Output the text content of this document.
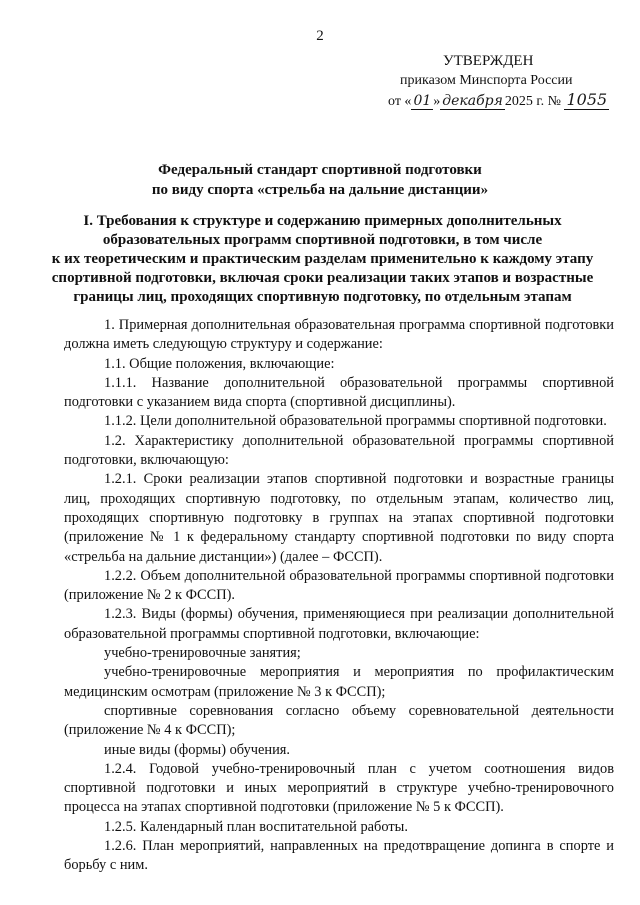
2
УТВЕРЖДЕН
приказом Минспорта России
от « 01 » декабря 2025 г. № 1055
Федеральный стандарт спортивной подготовки
по виду спорта «стрельба на дальние дистанции»
I. Требования к структуре и содержанию примерных дополнительных
образовательных программ спортивной подготовки, в том числе
к их теоретическим и практическим разделам применительно к каждому этапу
спортивной подготовки, включая сроки реализации таких этапов и возрастные
границы лиц, проходящих спортивную подготовку, по отдельным этапам

1. Примерная дополнительная образовательная программа спортивной подготовки должна иметь следующую структуру и содержание:

1.1. Общие положения, включающие:

1.1.1. Название дополнительной образовательной программы спортивной подготовки с указанием вида спорта (спортивной дисциплины).

1.1.2. Цели дополнительной образовательной программы спортивной подготовки.

1.2. Характеристику дополнительной образовательной программы спортивной подготовки, включающую:

1.2.1. Сроки реализации этапов спортивной подготовки и возрастные границы лиц, проходящих спортивную подготовку, по отдельным этапам, количество лиц, проходящих спортивную подготовку в группах на этапах спортивной подготовки (приложение № 1 к федеральному стандарту спортивной подготовки по виду спорта «стрельба на дальние дистанции») (далее – ФССП).

1.2.2. Объем дополнительной образовательной программы спортивной подготовки (приложение № 2 к ФССП).

1.2.3. Виды (формы) обучения, применяющиеся при реализации дополнительной образовательной программы спортивной подготовки, включающие:

учебно-тренировочные занятия;

учебно-тренировочные мероприятия и мероприятия по профилактическим медицинским осмотрам (приложение № 3 к ФССП);

спортивные соревнования согласно объему соревновательной деятельности (приложение № 4 к ФССП);

иные виды (формы) обучения.

1.2.4. Годовой учебно-тренировочный план с учетом соотношения видов спортивной подготовки и иных мероприятий в структуре учебно-тренировочного процесса на этапах спортивной подготовки (приложение № 5 к ФССП).

1.2.5. Календарный план воспитательной работы.

1.2.6. План мероприятий, направленных на предотвращение допинга в спорте и борьбу с ним.
